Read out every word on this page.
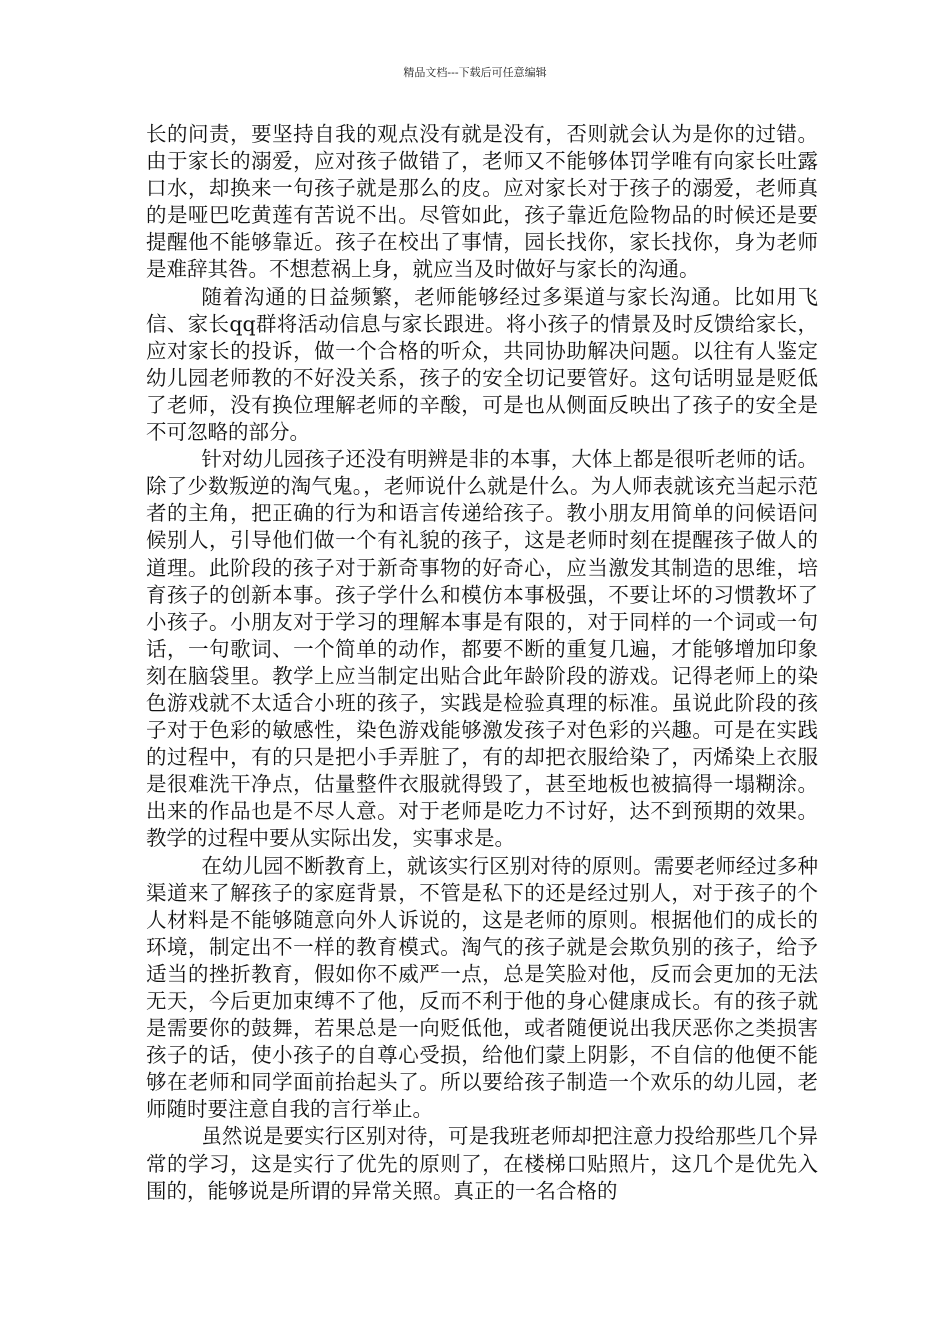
精品文档---下载后可任意编辑

长的问责，要坚持自我的观点没有就是没有，否则就会认为是你的过错。由于家长的溺爱，应对孩子做错了，老师又不能够体罚学唯有向家长吐露口水，却换来一句孩子就是那么的皮。应对家长对于孩子的溺爱，老师真的是哑巴吃黄莲有苦说不出。尽管如此，孩子靠近危险物品的时候还是要提醒他不能够靠近。孩子在校出了事情，园长找你，家长找你，身为老师是难辞其咎。不想惹祸上身，就应当及时做好与家长的沟通。

随着沟通的日益频繁，老师能够经过多渠道与家长沟通。比如用飞信、家长qq群将活动信息与家长跟进。将小孩子的情景及时反馈给家长，应对家长的投诉，做一个合格的听众，共同协助解决问题。以往有人鉴定幼儿园老师教的不好没关系，孩子的安全切记要管好。这句话明显是贬低了老师，没有换位理解老师的辛酸，可是也从侧面反映出了孩子的安全是不可忽略的部分。

针对幼儿园孩子还没有明辨是非的本事，大体上都是很听老师的话。除了少数叛逆的淘气鬼。，老师说什么就是什么。为人师表就该充当起示范者的主角，把正确的行为和语言传递给孩子。教小朋友用简单的问候语问候别人，引导他们做一个有礼貌的孩子，这是老师时刻在提醒孩子做人的道理。此阶段的孩子对于新奇事物的好奇心，应当激发其制造的思维，培育孩子的创新本事。孩子学什么和模仿本事极强，不要让坏的习惯教坏了小孩子。小朋友对于学习的理解本事是有限的，对于同样的一个词或一句话，一句歌词、一个简单的动作，都要不断的重复几遍，才能够增加印象刻在脑袋里。教学上应当制定出贴合此年龄阶段的游戏。记得老师上的染色游戏就不太适合小班的孩子，实践是检验真理的标准。虽说此阶段的孩子对于色彩的敏感性，染色游戏能够激发孩子对色彩的兴趣。可是在实践的过程中，有的只是把小手弄脏了，有的却把衣服给染了，丙烯染上衣服是很难洗干净点，估量整件衣服就得毁了，甚至地板也被搞得一塌糊涂。出来的作品也是不尽人意。对于老师是吃力不讨好，达不到预期的效果。教学的过程中要从实际出发，实事求是。

在幼儿园不断教育上，就该实行区别对待的原则。需要老师经过多种渠道来了解孩子的家庭背景，不管是私下的还是经过别人，对于孩子的个人材料是不能够随意向外人诉说的，这是老师的原则。根据他们的成长的环境，制定出不一样的教育模式。淘气的孩子就是会欺负别的孩子，给予适当的挫折教育，假如你不威严一点，总是笑脸对他，反而会更加的无法无天，今后更加束缚不了他，反而不利于他的身心健康成长。有的孩子就是需要你的鼓舞，若果总是一向贬低他，或者随便说出我厌恶你之类损害孩子的话，使小孩子的自尊心受损，给他们蒙上阴影，不自信的他便不能够在老师和同学面前抬起头了。所以要给孩子制造一个欢乐的幼儿园，老师随时要注意自我的言行举止。

虽然说是要实行区别对待，可是我班老师却把注意力投给那些几个异常的学习，这是实行了优先的原则了，在楼梯口贴照片，这几个是优先入围的，能够说是所谓的异常关照。真正的一名合格的
